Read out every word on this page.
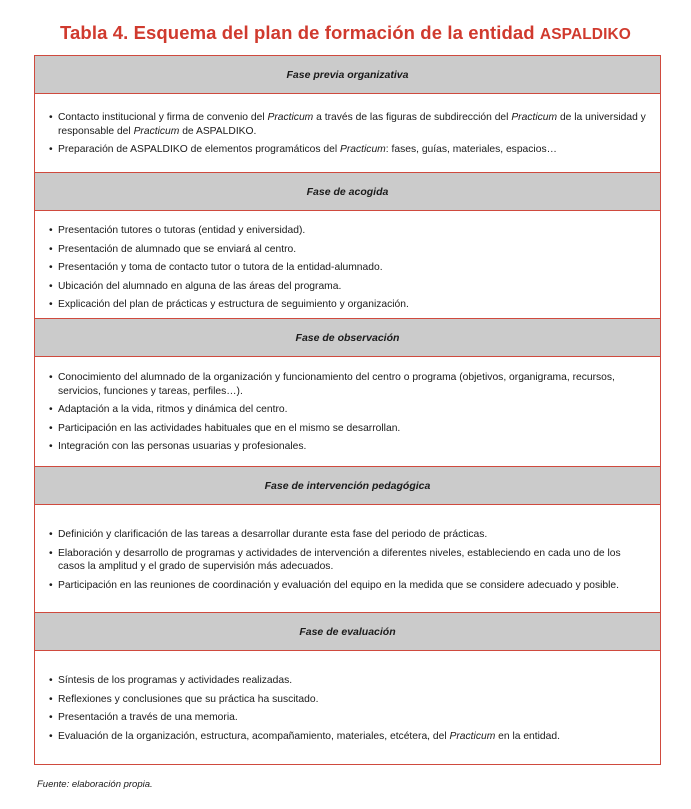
Tabla 4. Esquema del plan de formación de la entidad ASPALDIKO
Fase previa organizativa
• Contacto institucional y firma de convenio del Practicum a través de las figuras de subdirección del Practicum de la universidad y responsable del Practicum de ASPALDIKO.
• Preparación de ASPALDIKO de elementos programáticos del Practicum: fases, guías, materiales, espacios…
Fase de acogida
• Presentación tutores o tutoras (entidad y eniversidad).
• Presentación de alumnado que se enviará al centro.
• Presentación y toma de contacto tutor o tutora de la entidad-alumnado.
• Ubicación del alumnado en alguna de las áreas del programa.
• Explicación del plan de prácticas y estructura de seguimiento y organización.
Fase de observación
• Conocimiento del alumnado de la organización y funcionamiento del centro o programa (objetivos, organigrama, recursos, servicios, funciones y tareas, perfiles…).
• Adaptación a la vida, ritmos y dinámica del centro.
• Participación en las actividades habituales que en el mismo se desarrollan.
• Integración con las personas usuarias y profesionales.
Fase de intervención pedagógica
• Definición y clarificación de las tareas a desarrollar durante esta fase del periodo de prácticas.
• Elaboración y desarrollo de programas y actividades de intervención a diferentes niveles, estableciendo en cada uno de los casos la amplitud y el grado de supervisión más adecuados.
• Participación en las reuniones de coordinación y evaluación del equipo en la medida que se considere adecuado y posible.
Fase de evaluación
• Síntesis de los programas y actividades realizadas.
• Reflexiones y conclusiones que su práctica ha suscitado.
• Presentación a través de una memoria.
• Evaluación de la organización, estructura, acompañamiento, materiales, etcétera, del Practicum en la entidad.
Fuente: elaboración propia.
